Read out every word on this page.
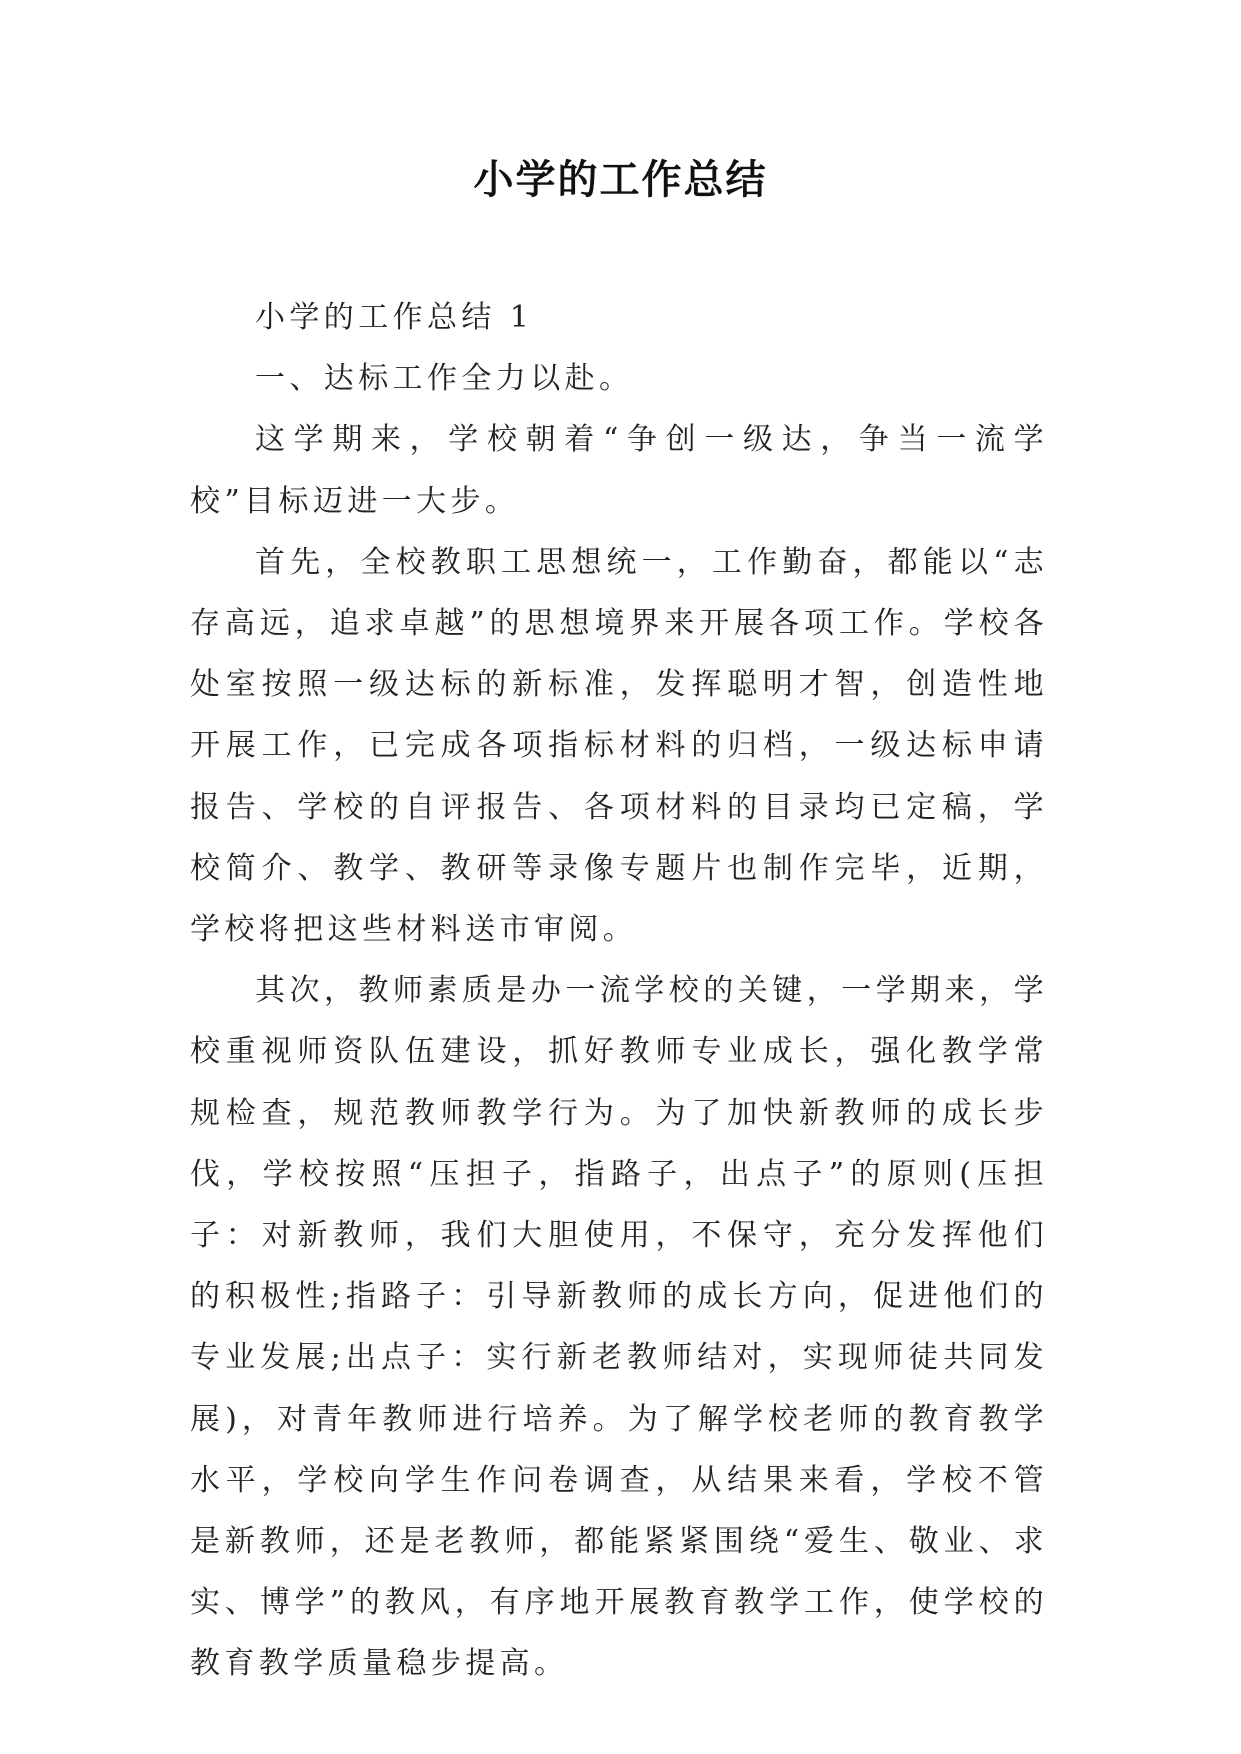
小学的工作总结

小学的工作总结 1

一、达标工作全力以赴。

这学期来，学校朝着“争创一级达，争当一流学校”目标迈进一大步。

首先，全校教职工思想统一，工作勤奋，都能以“志存高远，追求卓越”的思想境界来开展各项工作。学校各处室按照一级达标的新标准，发挥聪明才智，创造性地开展工作，已完成各项指标材料的归档，一级达标申请报告、学校的自评报告、各项材料的目录均已定稿，学校简介、教学、教研等录像专题片也制作完毕，近期，学校将把这些材料送市审阅。

其次，教师素质是办一流学校的关键，一学期来，学校重视师资队伍建设，抓好教师专业成长，强化教学常规检查，规范教师教学行为。为了加快新教师的成长步伐，学校按照“压担子，指路子，出点子”的原则(压担子：对新教师，我们大胆使用，不保守，充分发挥他们的积极性;指路子：引导新教师的成长方向，促进他们的专业发展;出点子：实行新老教师结对，实现师徒共同发展)，对青年教师进行培养。为了解学校老师的教育教学水平，学校向学生作问卷调查，从结果来看，学校不管是新教师，还是老教师，都能紧紧围绕“爱生、敬业、求实、博学”的教风，有序地开展教育教学工作，使学校的教育教学质量稳步提高。
